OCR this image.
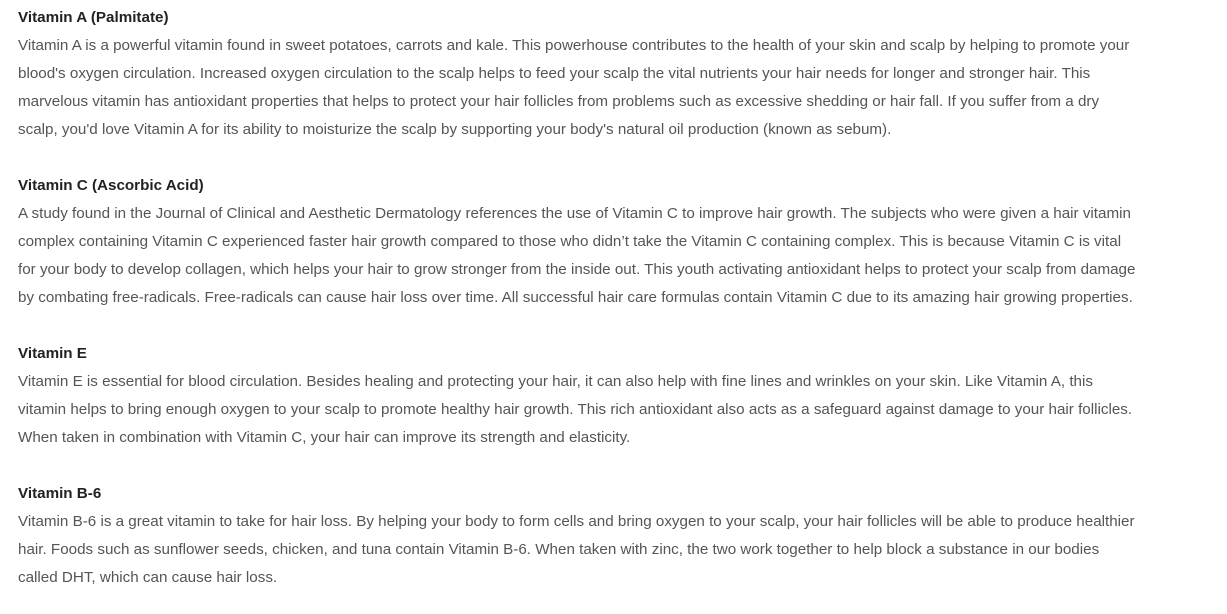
Vitamin A (Palmitate)

Vitamin A is a powerful vitamin found in sweet potatoes, carrots and kale. This powerhouse contributes to the health of your skin and scalp by helping to promote your
blood's oxygen circulation. Increased oxygen circulation to the scalp helps to feed your scalp the vital nutrients your hair needs for longer and stronger hair. This
marvelous vitamin has antioxidant properties that helps to protect your hair follicles from problems such as excessive shedding or hair fall. If you suffer from a dry
scalp, you'd love Vitamin A for its ability to moisturize the scalp by supporting your body's natural oil production (known as sebum).

Vitamin C (Ascorbic Acid)

A study found in the Journal of Clinical and Aesthetic Dermatology references the use of Vitamin C to improve hair growth. The subjects who were given a hair vitamin
complex containing Vitamin C experienced faster hair growth compared to those who didn’t take the Vitamin C containing complex. This is because Vitamin C is vital
for your body to develop collagen, which helps your hair to grow stronger from the inside out. This youth activating antioxidant helps to protect your scalp from damage
by combating free-radicals. Free-radicals can cause hair loss over time. All successful hair care formulas contain Vitamin C due to its amazing hair growing properties.

Vitamin E

Vitamin E is essential for blood circulation. Besides healing and protecting your hair, it can also help with fine lines and wrinkles on your skin. Like Vitamin A, this
vitamin helps to bring enough oxygen to your scalp to promote healthy hair growth. This rich antioxidant also acts as a safeguard against damage to your hair follicles.
When taken in combination with Vitamin C, your hair can improve its strength and elasticity.

Vitamin B-6

Vitamin B-6 is a great vitamin to take for hair loss. By helping your body to form cells and bring oxygen to your scalp, your hair follicles will be able to produce healthier
hair. Foods such as sunflower seeds, chicken, and tuna contain Vitamin B-6. When taken with zinc, the two work together to help block a substance in our bodies
called DHT, which can cause hair loss.
